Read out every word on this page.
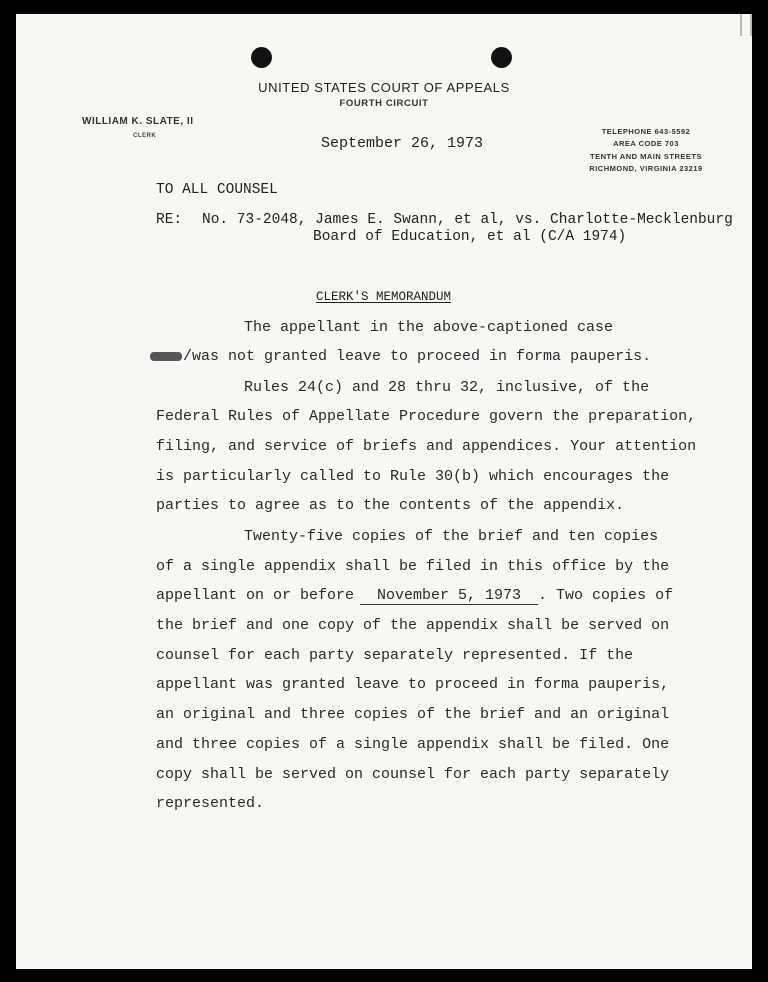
UNITED STATES COURT OF APPEALS
FOURTH CIRCUIT
WILLIAM K. SLATE, II
CLERK	September 26, 1973
TELEPHONE 643-5592
AREA CODE 703
TENTH AND MAIN STREETS
RICHMOND, VIRGINIA 23219
TO ALL COUNSEL
RE: No. 73-2048, James E. Swann, et al, vs. Charlotte-Mecklenburg
Board of Education, et al (C/A 1974)
CLERK'S MEMORANDUM
The appellant in the above-captioned case
/was not granted leave to proceed in forma pauperis.
Rules 24(c) and 28 thru 32, inclusive, of the
Federal Rules of Appellate Procedure govern the preparation,
filing, and service of briefs and appendices. Your attention
is particularly called to Rule 30(b) which encourages the
parties to agree as to the contents of the appendix.
Twenty-five copies of the brief and ten copies
of a single appendix shall be filed in this office by the
appellant on or before November 5, 1973 . Two copies of
the brief and one copy of the appendix shall be served on
counsel for each party separately represented. If the
appellant was granted leave to proceed in forma pauperis,
an original and three copies of the brief and an original
and three copies of a single appendix shall be filed. One
copy shall be served on counsel for each party separately
represented.
